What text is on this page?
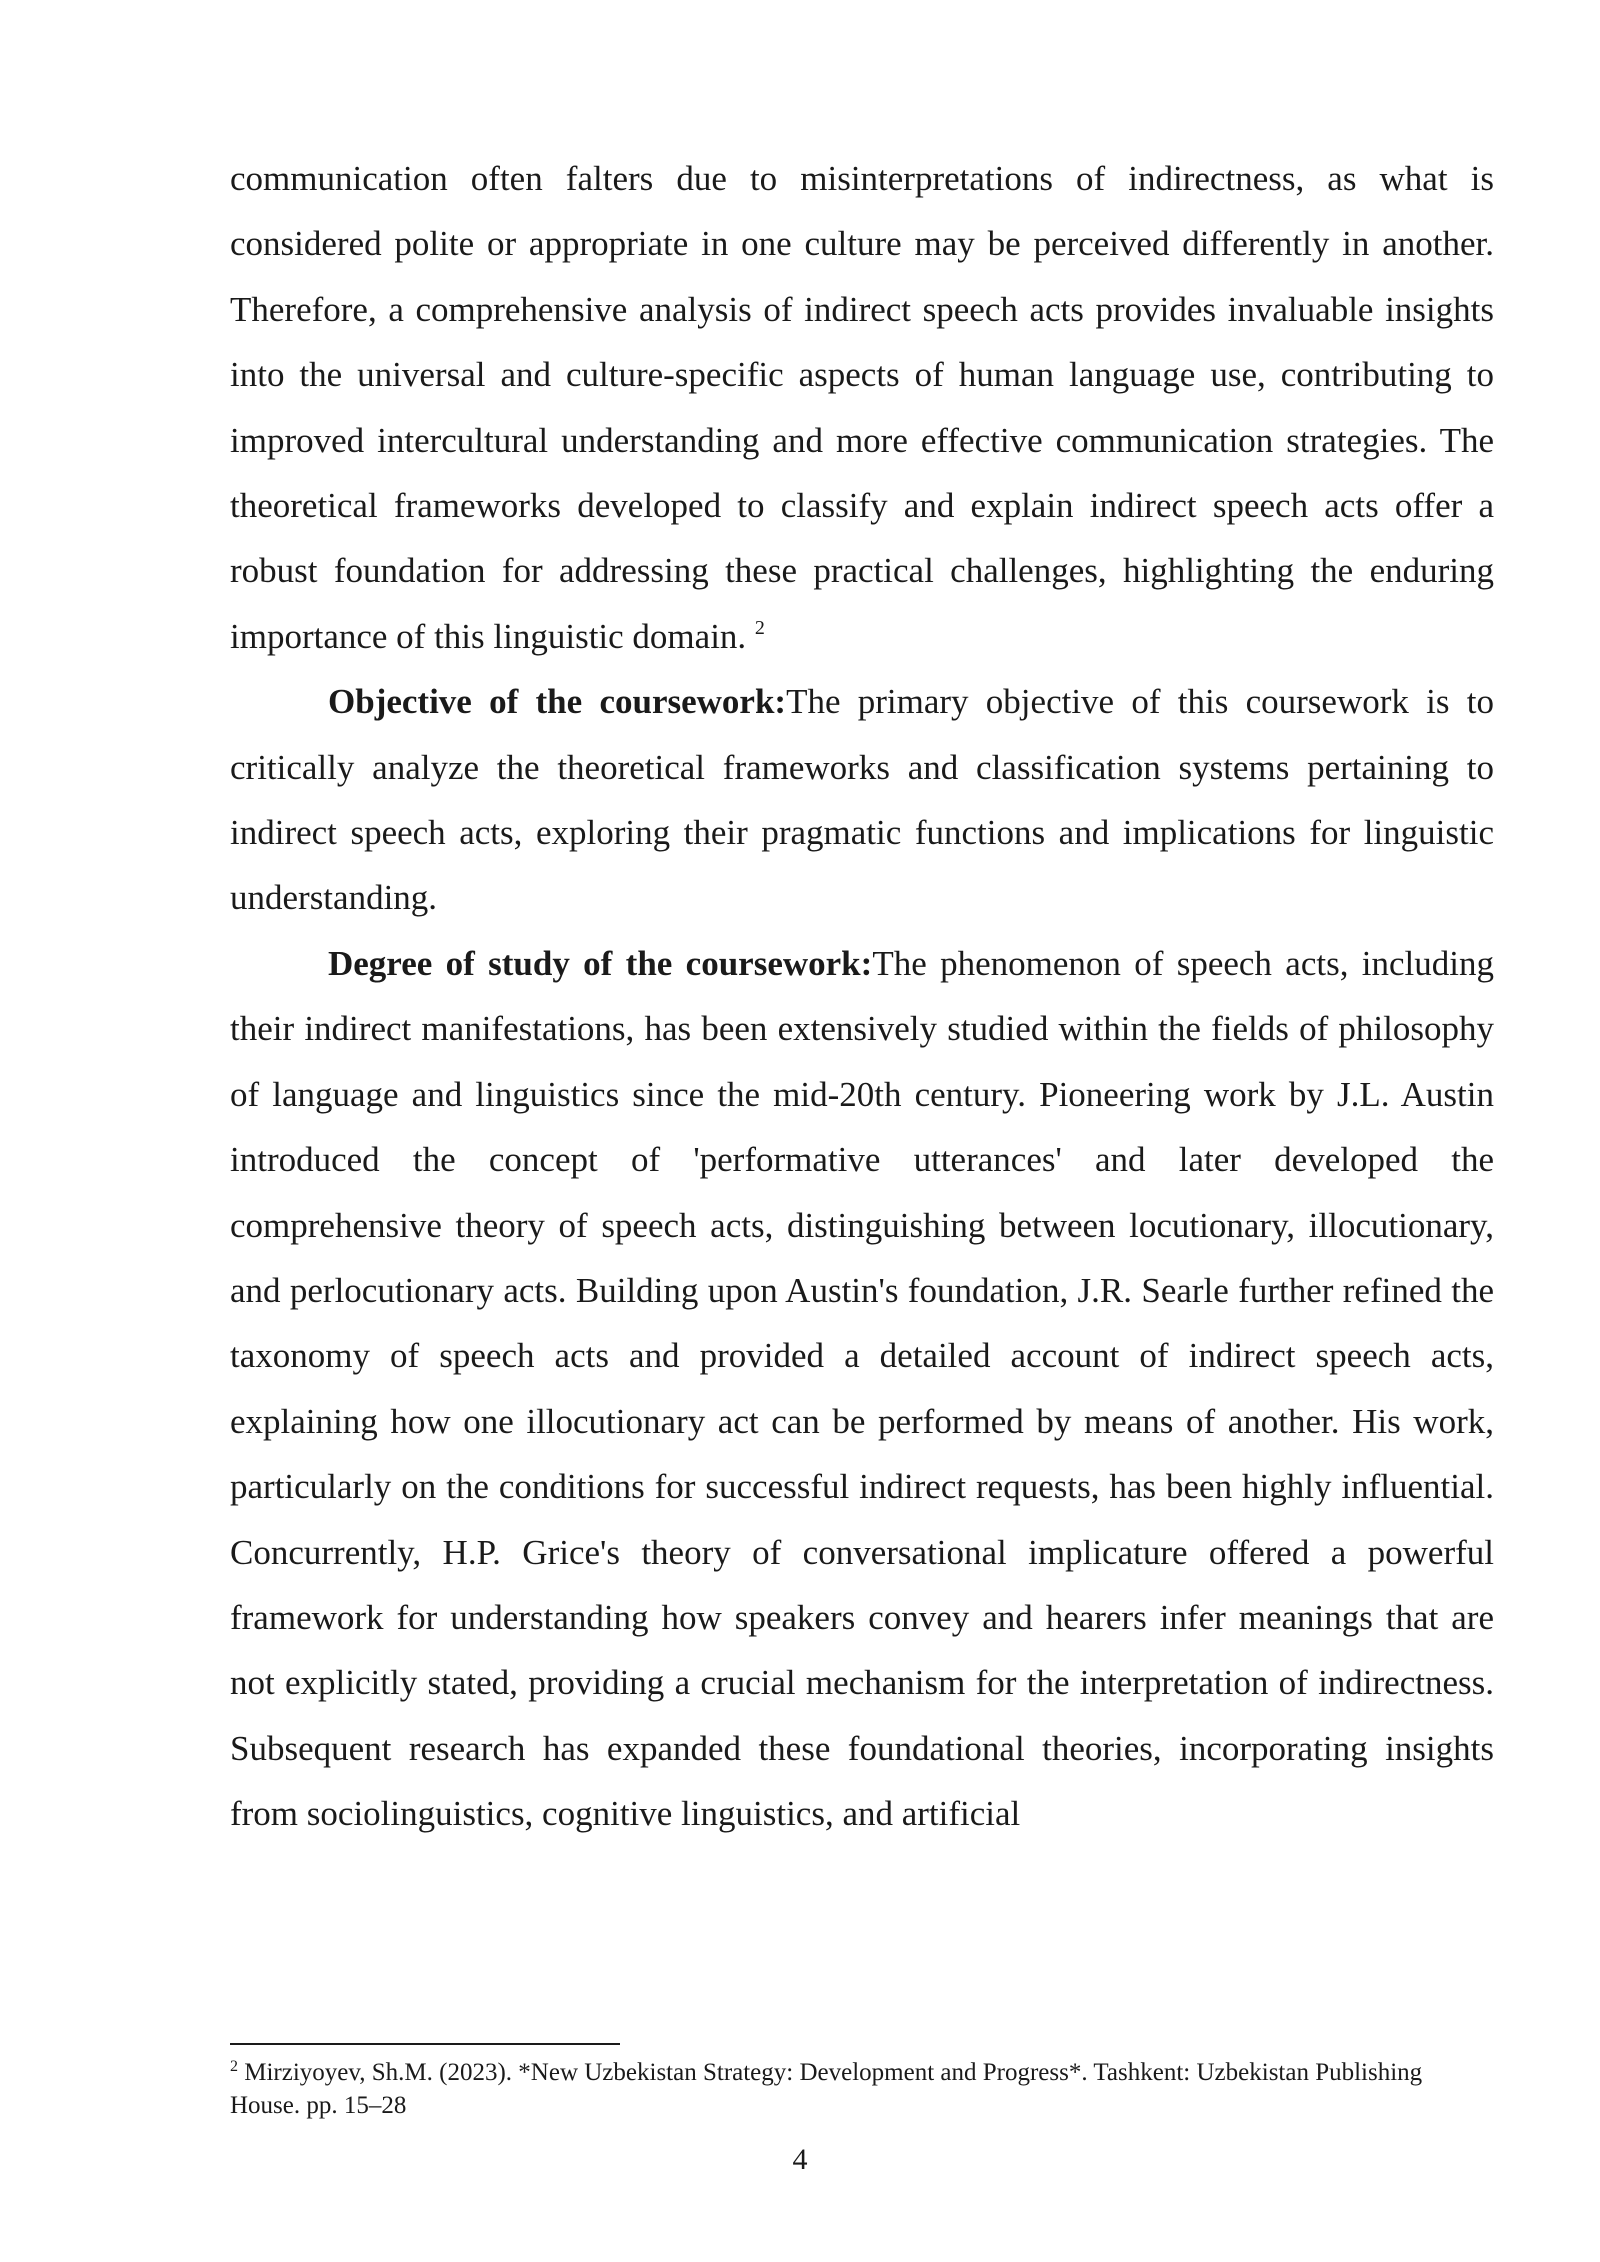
communication often falters due to misinterpretations of indirectness, as what is considered polite or appropriate in one culture may be perceived differently in another. Therefore, a comprehensive analysis of indirect speech acts provides invaluable insights into the universal and culture-specific aspects of human language use, contributing to improved intercultural understanding and more effective communication strategies. The theoretical frameworks developed to classify and explain indirect speech acts offer a robust foundation for addressing these practical challenges, highlighting the enduring importance of this linguistic domain. $^2$

Objective of the coursework:The primary objective of this coursework is to critically analyze the theoretical frameworks and classification systems pertaining to indirect speech acts, exploring their pragmatic functions and implications for linguistic understanding.

Degree of study of the coursework:The phenomenon of speech acts, including their indirect manifestations, has been extensively studied within the fields of philosophy of language and linguistics since the mid-20th century. Pioneering work by J.L. Austin introduced the concept of 'performative utterances' and later developed the comprehensive theory of speech acts, distinguishing between locutionary, illocutionary, and perlocutionary acts. Building upon Austin's foundation, J.R. Searle further refined the taxonomy of speech acts and provided a detailed account of indirect speech acts, explaining how one illocutionary act can be performed by means of another. His work, particularly on the conditions for successful indirect requests, has been highly influential. Concurrently, H.P. Grice's theory of conversational implicature offered a powerful framework for understanding how speakers convey and hearers infer meanings that are not explicitly stated, providing a crucial mechanism for the interpretation of indirectness. Subsequent research has expanded these foundational theories, incorporating insights from sociolinguistics, cognitive linguistics, and artificial

$^2$ Mirziyoyev, Sh.M. (2023). *New Uzbekistan Strategy: Development and Progress*. Tashkent: Uzbekistan Publishing House. pp. 15–28
4
